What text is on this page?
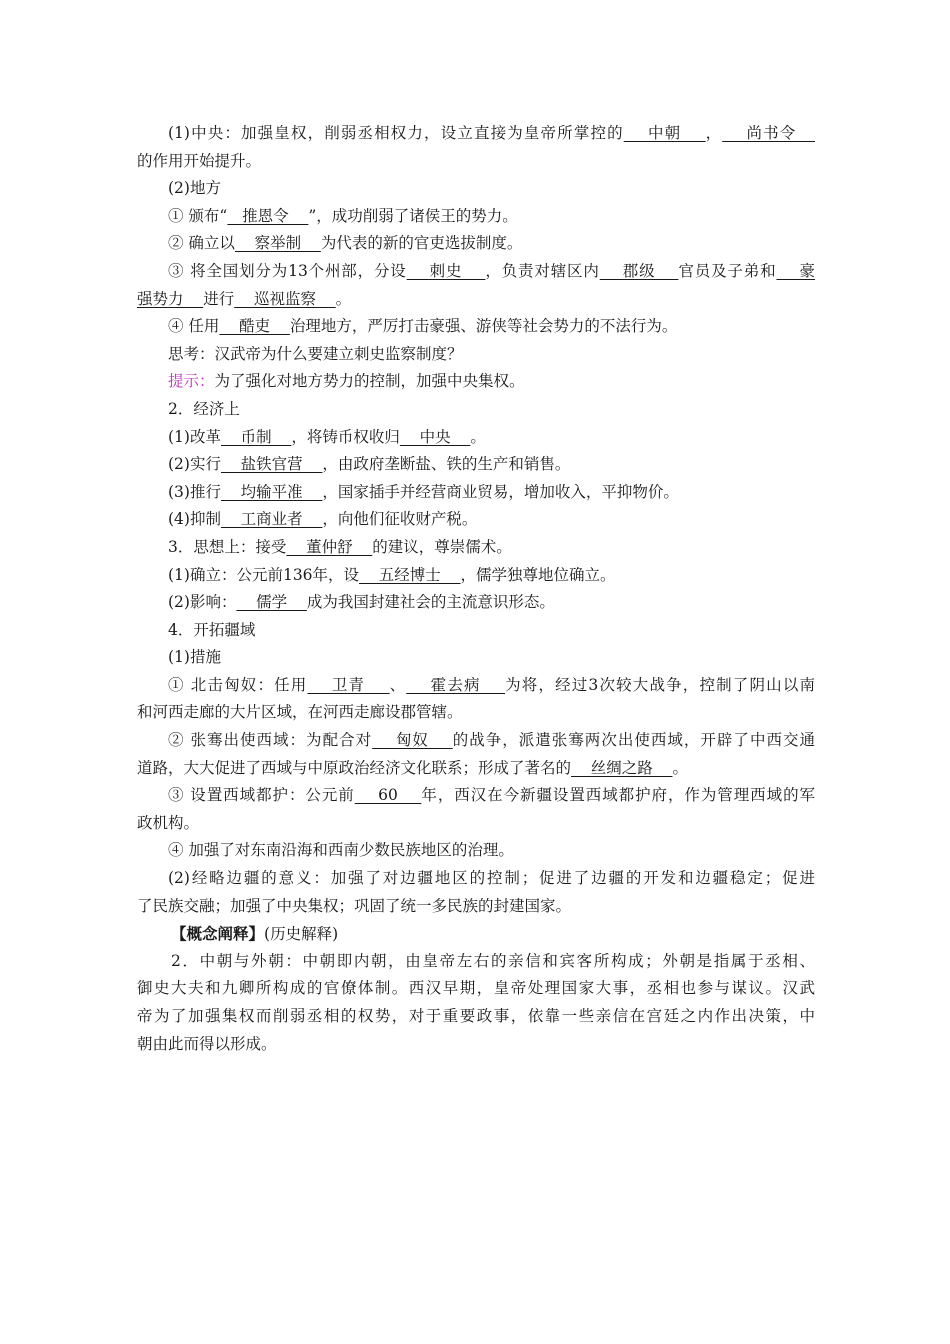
(1)中央：加强皇权，削弱丞相权力，设立直接为皇帝所掌控的    中朝    ，    尚书令
的作用开始提升。
(2)地方
① 颁布“   推恩令    ”，成功削弱了诸侯王的势力。
② 确立以    察举制    为代表的新的官吏选拔制度。
③ 将全国划分为13个州部，分设    刺史    ，负责对辖区内    郡级    官员及子弟和    豪
强势力    进行    巡视监察    。
④ 任用    酷吏    治理地方，严厉打击豪强、游侠等社会势力的不法行为。
思考：汉武帝为什么要建立刺史监察制度？
提示：为了强化对地方势力的控制，加强中央集权。
2．经济上
(1)改革    币制    ，将铸币权收归    中央    。
(2)实行    盐铁官营    ，由政府垄断盐、铁的生产和销售。
(3)推行    均输平准    ，国家插手并经营商业贸易，增加收入，平抑物价。
(4)抑制    工商业者    ，向他们征收财产税。
3．思想上：接受    董仲舒    的建议，尊崇儒术。
(1)确立：公元前136年，设    五经博士    ，儒学独尊地位确立。
(2)影响：    儒学    成为我国封建社会的主流意识形态。
4．开拓疆域
(1)措施
① 北击匈奴：任用    卫青    、    霍去病    为将，经过3次较大战争，控制了阴山以南
和河西走廊的大片区域，在河西走廊设郡管辖。
② 张骞出使西域：为配合对    匈奴    的战争，派遣张骞两次出使西域，开辟了中西交通
道路，大大促进了西域与中原政治经济文化联系；形成了著名的    丝绸之路    。
③ 设置西域都护：公元前    60    年，西汉在今新疆设置西域都护府，作为管理西域的军
政机构。
④ 加强了对东南沿海和西南少数民族地区的治理。
(2)经略边疆的意义：加强了对边疆地区的控制；促进了边疆的开发和边疆稳定；促进
了民族交融；加强了中央集权；巩固了统一多民族的封建国家。
【概念阐释】(历史解释)
2．中朝与外朝：中朝即内朝，由皇帝左右的亲信和宾客所构成；外朝是指属于丞相、
御史大夫和九卿所构成的官僚体制。西汉早期，皇帝处理国家大事，丞相也参与谋议。汉武
帝为了加强集权而削弱丞相的权势，对于重要政事，依靠一些亲信在宫廷之内作出决策，中
朝由此而得以形成。
